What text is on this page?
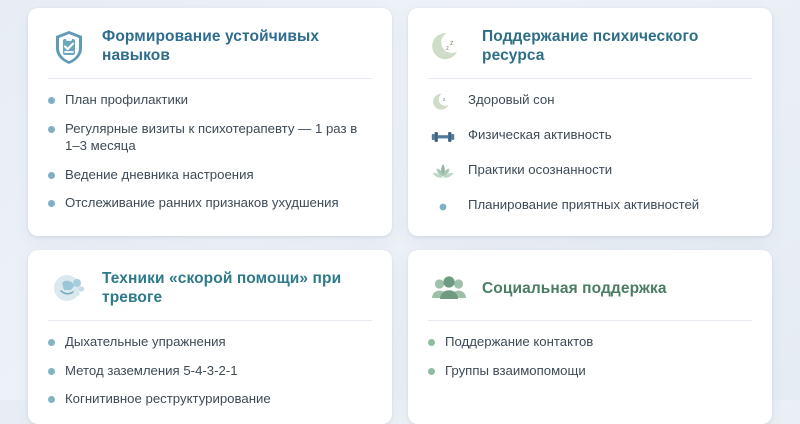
Формирование устойчивых навыков
План профилактики
Регулярные визиты к психотерапевту — 1 раз в 1–3 месяца
Ведение дневника настроения
Отслеживание ранних признаков ухудшения
z
z
Поддержание психического ресурса
z Здоровый сон
Физическая активность
Практики осознанности
Планирование приятных активностей
Техники «скорой помощи» при тревоге
Дыхательные упражнения
Метод заземления 5-4-3-2-1
Когнитивное реструктурирование
Социальная поддержка
Поддержание контактов
Группы взаимопомощи
